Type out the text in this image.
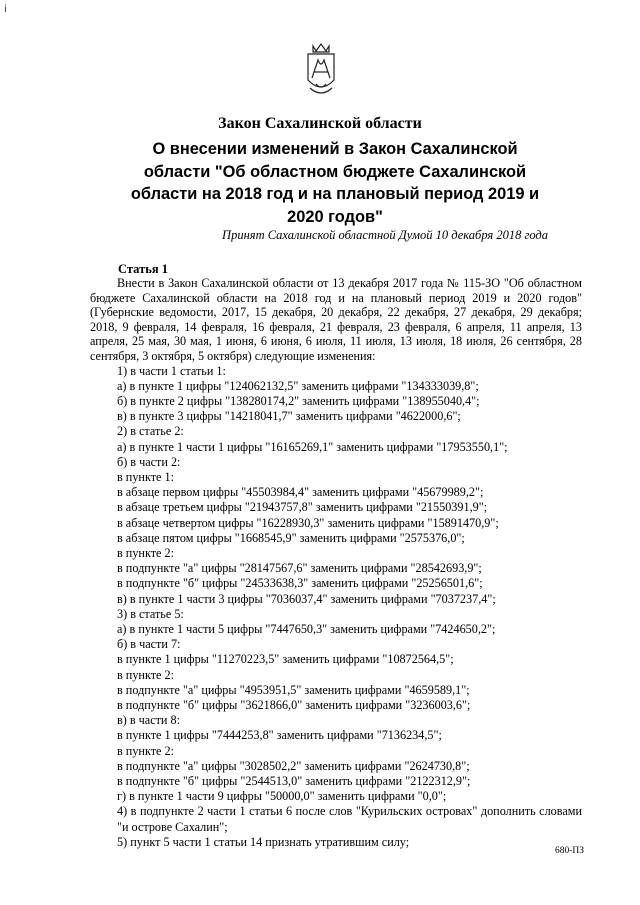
i
Закон Сахалинской области
О внесении изменений в Закон Сахалинской области "Об областном бюджете Сахалинской области на 2018 год и на плановый период 2019 и 2020 годов"
Принят Сахалинской областной Думой 10 декабря 2018 года
Статья 1

Внести в Закон Сахалинской области от 13 декабря 2017 года № 115-ЗО "Об областном бюджете Сахалинской области на 2018 год и на плановый период 2019 и 2020 годов" (Губернские ведомости, 2017, 15 декабря, 20 декабря, 22 декабря, 27 декабря, 29 декабря; 2018, 9 февраля, 14 февраля, 16 февраля, 21 февраля, 23 февраля, 6 апреля, 11 апреля, 13 апреля, 25 мая, 30 мая, 1 июня, 6 июня, 6 июля, 11 июля, 13 июля, 18 июля, 26 сентября, 28 сентября, 3 октября, 5 октября) следующие изменения:

1) в части 1 статьи 1:
а) в пункте 1 цифры "124062132,5" заменить цифрами "134333039,8";
б) в пункте 2 цифры "138280174,2" заменить цифрами "138955040,4";
в) в пункте 3 цифры "14218041,7" заменить цифрами "4622000,6";
2) в статье 2:
а) в пункте 1 части 1 цифры "16165269,1" заменить цифрами "17953550,1";
б) в части 2:
в пункте 1:
в абзаце первом цифры "45503984,4" заменить цифрами "45679989,2";
в абзаце третьем цифры "21943757,8" заменить цифрами "21550391,9";
в абзаце четвертом цифры "16228930,3" заменить цифрами "15891470,9";
в абзаце пятом цифры "1668545,9" заменить цифрами "2575376,0";
в пункте 2:
в подпункте "а" цифры "28147567,6" заменить цифрами "28542693,9";
в подпункте "б" цифры "24533638,3" заменить цифрами "25256501,6";
в) в пункте 1 части 3 цифры "7036037,4" заменить цифрами "7037237,4";
3) в статье 5:
а) в пункте 1 части 5 цифры "7447650,3" заменить цифрами "7424650,2";
б) в части 7:
в пункте 1 цифры "11270223,5" заменить цифрами "10872564,5";
в пункте 2:
в подпункте "а" цифры "4953951,5" заменить цифрами "4659589,1";
в подпункте "б" цифры "3621866,0" заменить цифрами "3236003,6";
в) в части 8:
в пункте 1 цифры "7444253,8" заменить цифрами "7136234,5";
в пункте 2:
в подпункте "а" цифры "3028502,2" заменить цифрами "2624730,8";
в подпункте "б" цифры "2544513,0" заменить цифрами "2122312,9";
г) в пункте 1 части 9 цифры "50000,0" заменить цифрами "0,0";
4) в подпункте 2 части 1 статьи 6 после слов "Курильских островах" дополнить словами "и острове Сахалин";
5) пункт 5 части 1 статьи 14 признать утратившим силу;
680-ПЗ
